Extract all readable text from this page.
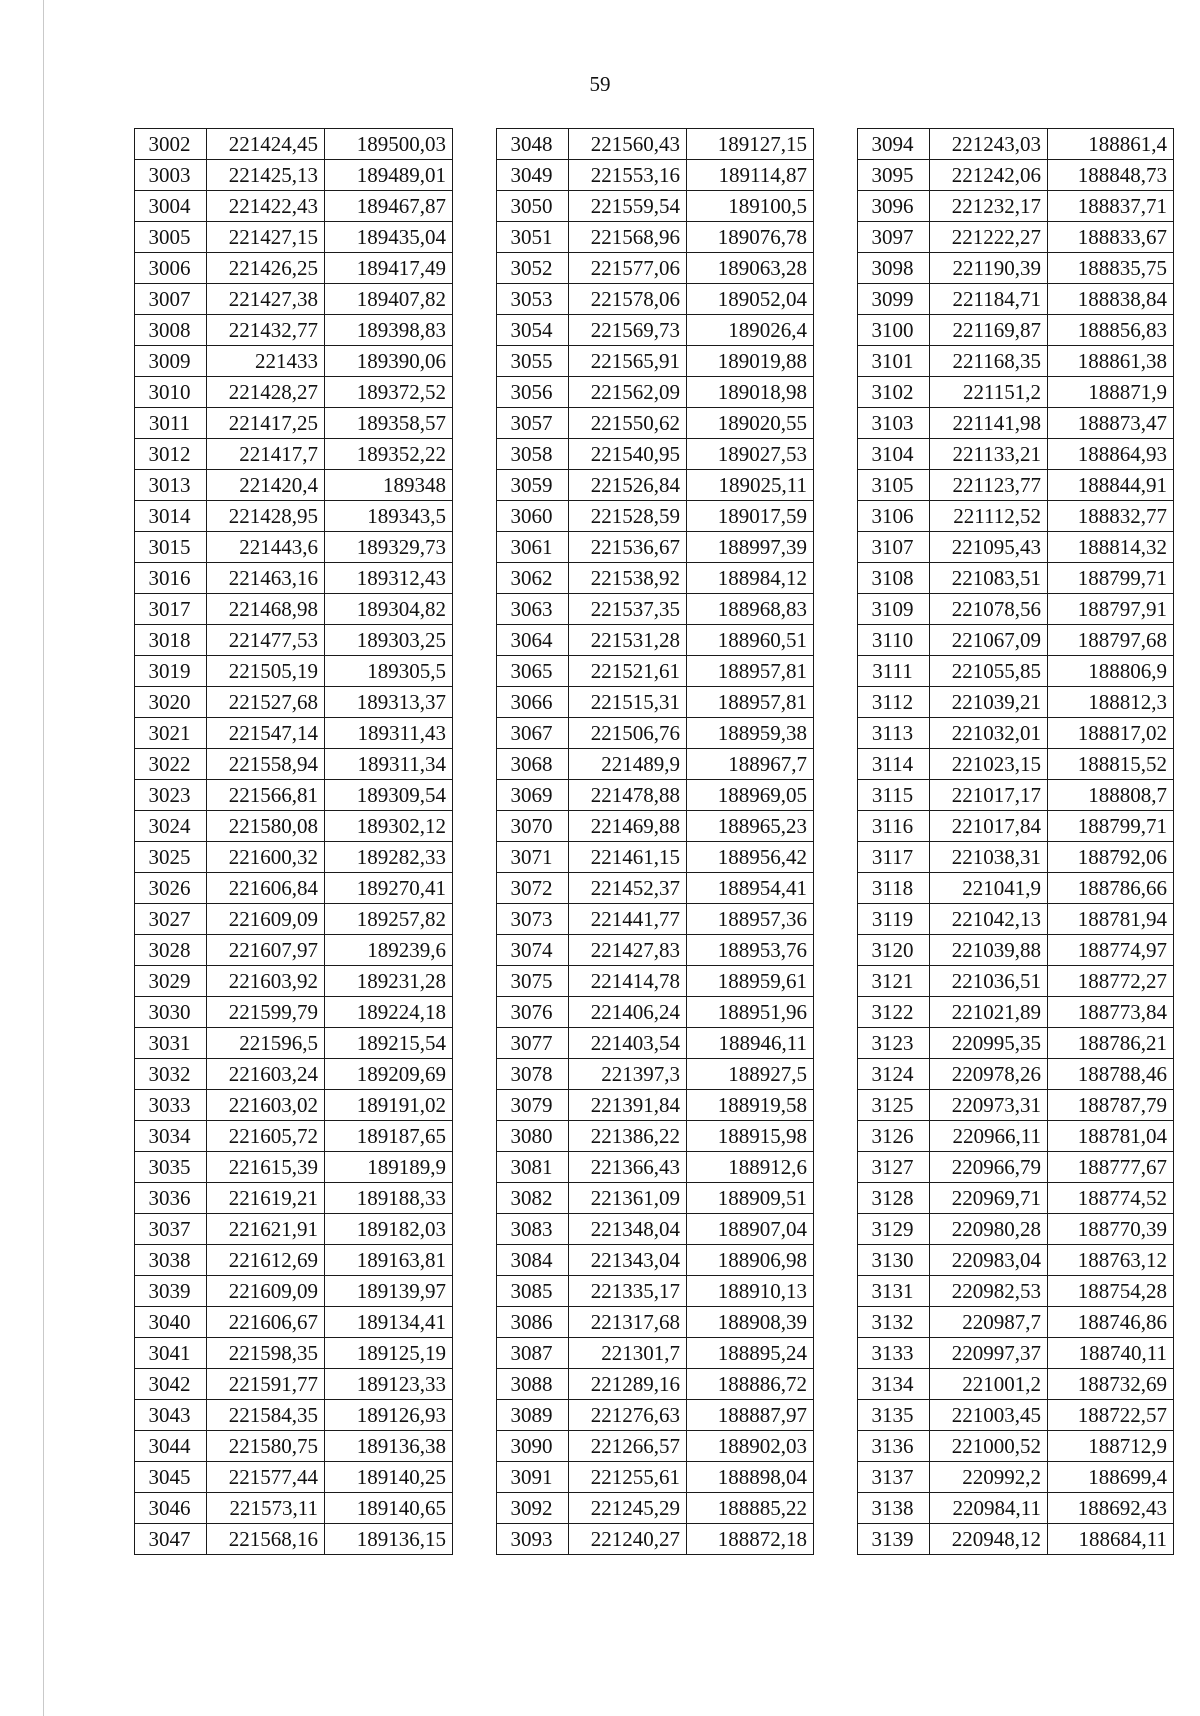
59
3002	221424,45	189500,03
3003	221425,13	189489,01
3004	221422,43	189467,87
3005	221427,15	189435,04
3006	221426,25	189417,49
3007	221427,38	189407,82
3008	221432,77	189398,83
3009	221433	189390,06
3010	221428,27	189372,52
3011	221417,25	189358,57
3012	221417,7	189352,22
3013	221420,4	189348
3014	221428,95	189343,5
3015	221443,6	189329,73
3016	221463,16	189312,43
3017	221468,98	189304,82
3018	221477,53	189303,25
3019	221505,19	189305,5
3020	221527,68	189313,37
3021	221547,14	189311,43
3022	221558,94	189311,34
3023	221566,81	189309,54
3024	221580,08	189302,12
3025	221600,32	189282,33
3026	221606,84	189270,41
3027	221609,09	189257,82
3028	221607,97	189239,6
3029	221603,92	189231,28
3030	221599,79	189224,18
3031	221596,5	189215,54
3032	221603,24	189209,69
3033	221603,02	189191,02
3034	221605,72	189187,65
3035	221615,39	189189,9
3036	221619,21	189188,33
3037	221621,91	189182,03
3038	221612,69	189163,81
3039	221609,09	189139,97
3040	221606,67	189134,41
3041	221598,35	189125,19
3042	221591,77	189123,33
3043	221584,35	189126,93
3044	221580,75	189136,38
3045	221577,44	189140,25
3046	221573,11	189140,65
3047	221568,16	189136,15
3048	221560,43	189127,15
3049	221553,16	189114,87
3050	221559,54	189100,5
3051	221568,96	189076,78
3052	221577,06	189063,28
3053	221578,06	189052,04
3054	221569,73	189026,4
3055	221565,91	189019,88
3056	221562,09	189018,98
3057	221550,62	189020,55
3058	221540,95	189027,53
3059	221526,84	189025,11
3060	221528,59	189017,59
3061	221536,67	188997,39
3062	221538,92	188984,12
3063	221537,35	188968,83
3064	221531,28	188960,51
3065	221521,61	188957,81
3066	221515,31	188957,81
3067	221506,76	188959,38
3068	221489,9	188967,7
3069	221478,88	188969,05
3070	221469,88	188965,23
3071	221461,15	188956,42
3072	221452,37	188954,41
3073	221441,77	188957,36
3074	221427,83	188953,76
3075	221414,78	188959,61
3076	221406,24	188951,96
3077	221403,54	188946,11
3078	221397,3	188927,5
3079	221391,84	188919,58
3080	221386,22	188915,98
3081	221366,43	188912,6
3082	221361,09	188909,51
3083	221348,04	188907,04
3084	221343,04	188906,98
3085	221335,17	188910,13
3086	221317,68	188908,39
3087	221301,7	188895,24
3088	221289,16	188886,72
3089	221276,63	188887,97
3090	221266,57	188902,03
3091	221255,61	188898,04
3092	221245,29	188885,22
3093	221240,27	188872,18
3094	221243,03	188861,4
3095	221242,06	188848,73
3096	221232,17	188837,71
3097	221222,27	188833,67
3098	221190,39	188835,75
3099	221184,71	188838,84
3100	221169,87	188856,83
3101	221168,35	188861,38
3102	221151,2	188871,9
3103	221141,98	188873,47
3104	221133,21	188864,93
3105	221123,77	188844,91
3106	221112,52	188832,77
3107	221095,43	188814,32
3108	221083,51	188799,71
3109	221078,56	188797,91
3110	221067,09	188797,68
3111	221055,85	188806,9
3112	221039,21	188812,3
3113	221032,01	188817,02
3114	221023,15	188815,52
3115	221017,17	188808,7
3116	221017,84	188799,71
3117	221038,31	188792,06
3118	221041,9	188786,66
3119	221042,13	188781,94
3120	221039,88	188774,97
3121	221036,51	188772,27
3122	221021,89	188773,84
3123	220995,35	188786,21
3124	220978,26	188788,46
3125	220973,31	188787,79
3126	220966,11	188781,04
3127	220966,79	188777,67
3128	220969,71	188774,52
3129	220980,28	188770,39
3130	220983,04	188763,12
3131	220982,53	188754,28
3132	220987,7	188746,86
3133	220997,37	188740,11
3134	221001,2	188732,69
3135	221003,45	188722,57
3136	221000,52	188712,9
3137	220992,2	188699,4
3138	220984,11	188692,43
3139	220948,12	188684,11
